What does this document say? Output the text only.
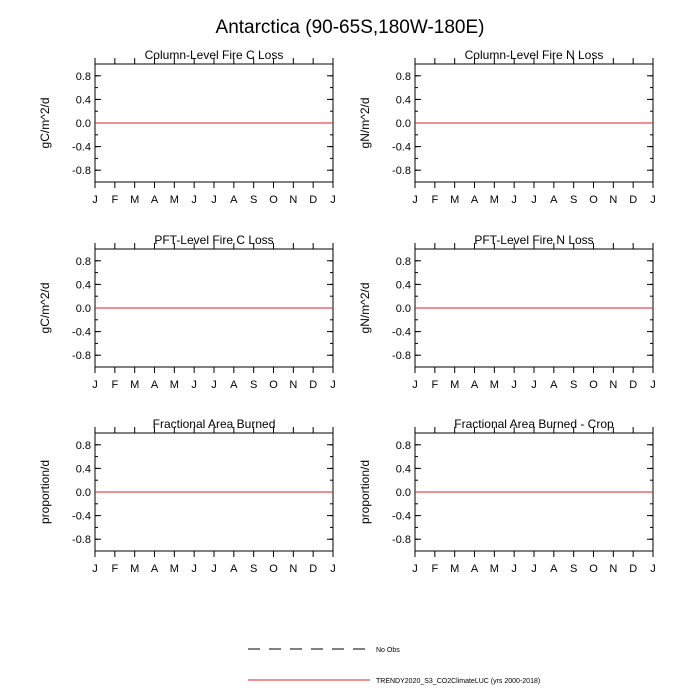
Antarctica (90-65S,180W-180E)
Column-Level Fire C Loss
gC/m^2/d
-0.8
-0.4
0.0
0.4
0.8
J F M A M J J A S O N D J
Column-Level Fire N Loss
gN/m^2/d
-0.8
-0.4
0.0
0.4
0.8
J F M A M J J A S O N D J
PFT-Level Fire C Loss
gC/m^2/d
-0.8
-0.4
0.0
0.4
0.8
J F M A M J J A S O N D J
PFT-Level Fire N Loss
gN/m^2/d
-0.8
-0.4
0.0
0.4
0.8
J F M A M J J A S O N D J
Fractional Area Burned
proportion/d
-0.8
-0.4
0.0
0.4
0.8
J F M A M J J A S O N D J
Fractional Area Burned - Crop
proportion/d
-0.8
-0.4
0.0
0.4
0.8
J F M A M J J A S O N D J
No Obs
TRENDY2020_S3_CO2ClimateLUC (yrs 2000-2018)
